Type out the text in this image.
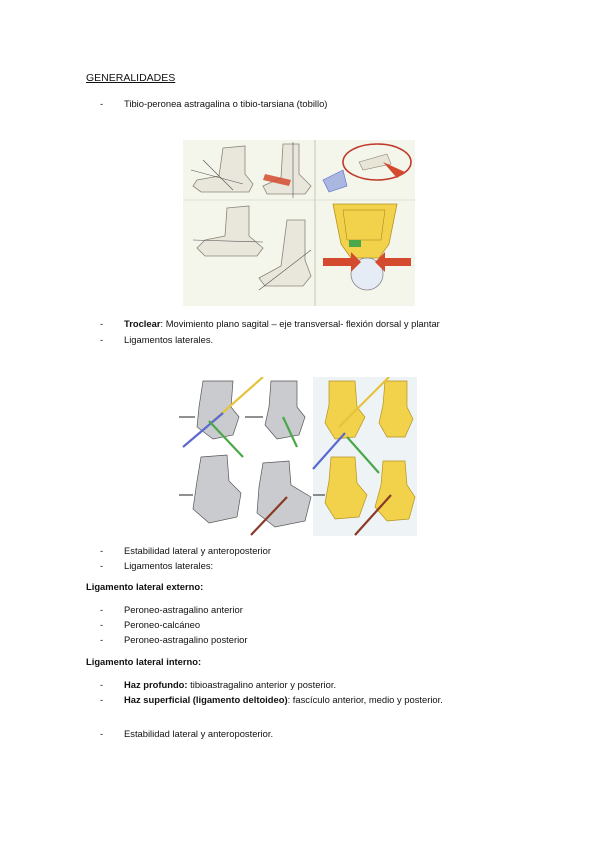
GENERALIDADES
- Tibio-peronea astragalina o tibio-tarsiana (tobillo)
- Troclear: Movimiento plano sagital – eje transversal- flexión dorsal y plantar
- Ligamentos laterales.
- Estabilidad lateral y anteroposterior
- Ligamentos laterales:
Ligamento lateral externo:
- Peroneo-astragalino anterior
- Peroneo-calcáneo
- Peroneo-astragalino posterior
Ligamento lateral interno:
- Haz profundo: tibioastragalino anterior y posterior.
- Haz superficial (ligamento deltoideo): fascículo anterior, medio y posterior.
- Estabilidad lateral y anteroposterior.
